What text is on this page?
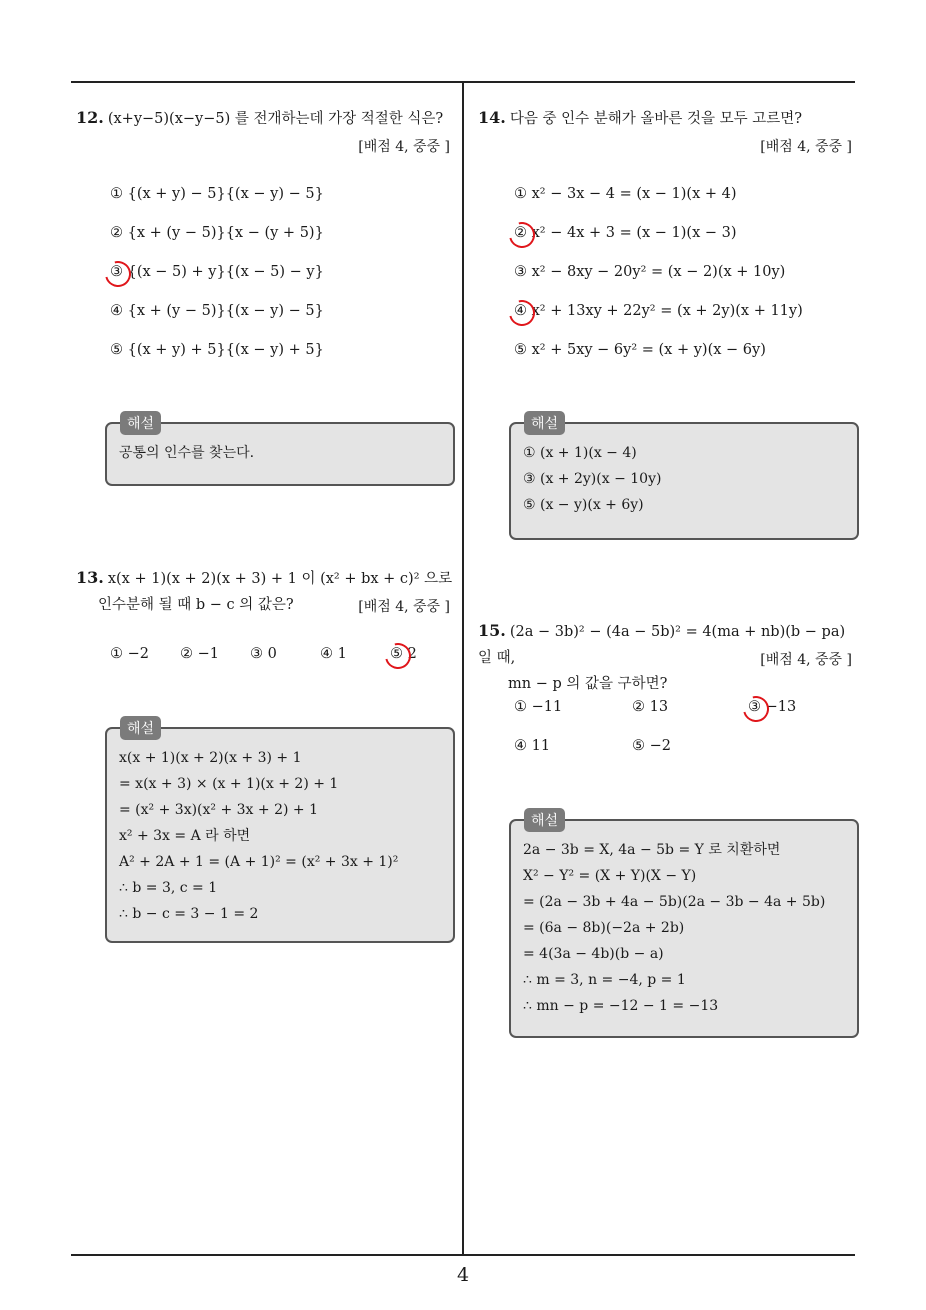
4
12. (x+y−5)(x−y−5) 를 전개하는데 가장 적절한 식은?
[배점 4, 중중 ]
① {(x + y) − 5}{(x − y) − 5}
② {x + (y − 5)}{x − (y + 5)}
③ {(x − 5) + y}{(x − 5) − y}
④ {x + (y − 5)}{(x − y) − 5}
⑤ {(x + y) + 5}{(x − y) + 5}
공통의 인수를 찾는다.
해설
13. x(x + 1)(x + 2)(x + 3) + 1 이 (x² + bx + c)² 으로
인수분해 될 때 b − c 의 값은?	[배점 4, 중중 ]
① −2 ② −1 ③ 0	④ 1	⑤ 2
x(x + 1)(x + 2)(x + 3) + 1
= x(x + 3) × (x + 1)(x + 2) + 1
= (x² + 3x)(x² + 3x + 2) + 1
x² + 3x = A 라 하면
A² + 2A + 1 = (A + 1)² = (x² + 3x + 1)²
∴ b = 3, c = 1
∴ b − c = 3 − 1 = 2
해설
14. 다음 중 인수 분해가 올바른 것을 모두 고르면?
[배점 4, 중중 ]
① x² − 3x − 4 = (x − 1)(x + 4)
② x² − 4x + 3 = (x − 1)(x − 3)
③ x² − 8xy − 20y² = (x − 2)(x + 10y)
④ x² + 13xy + 22y² = (x + 2y)(x + 11y)
⑤ x² + 5xy − 6y² = (x + y)(x − 6y)
① (x + 1)(x − 4)
③ (x + 2y)(x − 10y)
⑤ (x − y)(x + 6y)
해설
15. (2a − 3b)² − (4a − 5b)² = 4(ma + nb)(b − pa) 일 때,
mn − p 의 값을 구하면?
[배점 4, 중중 ]
① −11	② 13	③ −13
④ 11	⑤ −2
2a − 3b = X, 4a − 5b = Y 로 치환하면
X² − Y² = (X + Y)(X − Y)
= (2a − 3b + 4a − 5b)(2a − 3b − 4a + 5b)
= (6a − 8b)(−2a + 2b)
= 4(3a − 4b)(b − a)
∴ m = 3, n = −4, p = 1
∴ mn − p = −12 − 1 = −13
해설
